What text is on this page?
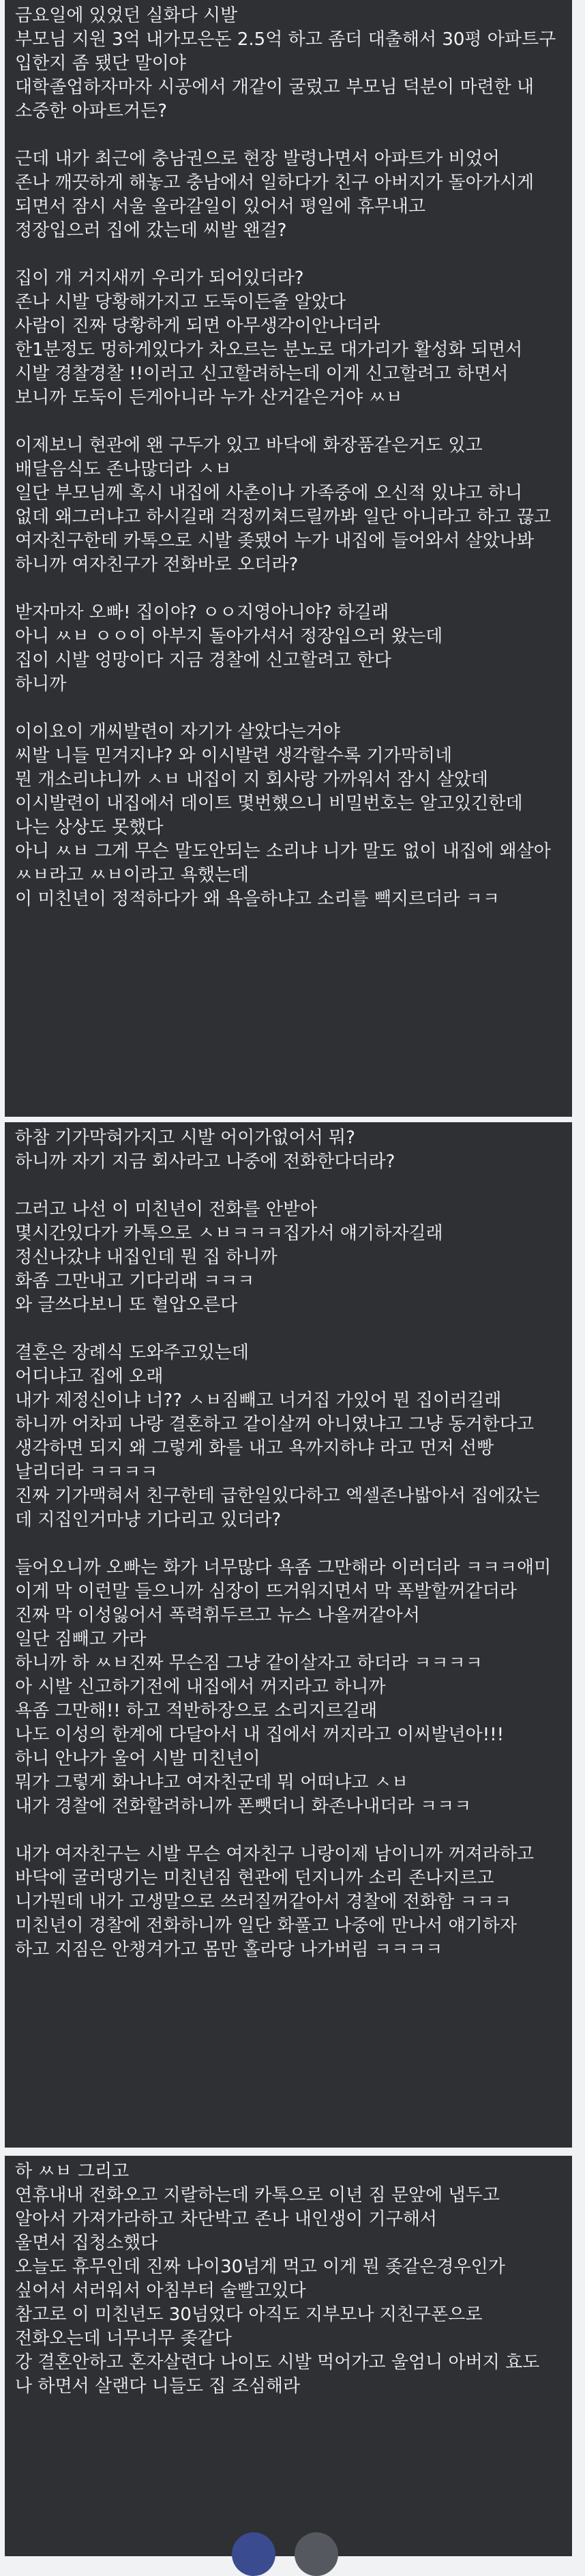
금요일에 있었던 실화다 시발
부모님 지원 3억 내가모은돈 2.5억 하고 좀더 대출해서 30평 아파트구
입한지 좀 됐단 말이야
대학졸업하자마자 시공에서 개같이 굴렀고 부모님 덕분이 마련한 내
소중한 아파트거든?
근데 내가 최근에 충남권으로 현장 발령나면서 아파트가 비었어
존나 깨끗하게 해놓고 충남에서 일하다가 친구 아버지가 돌아가시게
되면서 잠시 서울 올라갈일이 있어서 평일에 휴무내고
정장입으러 집에 갔는데 씨발 왠걸?
집이 개 거지새끼 우리가 되어있더라?
존나 시발 당황해가지고 도둑이든줄 알았다
사람이 진짜 당황하게 되면 아무생각이안나더라
한1분정도 멍하게있다가 차오르는 분노로 대가리가 활성화 되면서
시발 경찰경찰 !!이러고 신고할려하는데 이게 신고할려고 하면서
보니까 도둑이 든게아니라 누가 산거같은거야 ㅆㅂ
이제보니 현관에 왠 구두가 있고 바닥에 화장품같은거도 있고
배달음식도 존나많더라 ㅅㅂ
일단 부모님께 혹시 내집에 사촌이나 가족중에 오신적 있냐고 하니
없데 왜그러냐고 하시길래 걱정끼쳐드릴까봐 일단 아니라고 하고 끊고
여자친구한테 카톡으로 시발 좆됐어 누가 내집에 들어와서 살았나봐
하니까 여자친구가 전화바로 오더라?
받자마자 오빠! 집이야? ㅇㅇ지영아니야? 하길래
아니 ㅆㅂ ㅇㅇ이 아부지 돌아가셔서 정장입으러 왔는데
집이 시발 엉망이다 지금 경찰에 신고할려고 한다
하니까
이이요이 개씨발련이 자기가 살았다는거야
씨발 니들 믿겨지냐? 와 이시발련 생각할수록 기가막히네
뭔 개소리냐니까 ㅅㅂ 내집이 지 회사랑 가까워서 잠시 살았데
이시발련이 내집에서 데이트 몇번했으니 비밀번호는 알고있긴한데
나는 상상도 못했다
아니 ㅆㅂ 그게 무슨 말도안되는 소리냐 니가 말도 없이 내집에 왜살아
ㅆㅂ라고 ㅆㅂ이라고 욕했는데
이 미친년이 정적하다가 왜 욕을하냐고 소리를 빽지르더라 ㅋㅋ
하참 기가막혀가지고 시발 어이가없어서 뭐?
하니까 자기 지금 회사라고 나중에 전화한다더라?
그러고 나선 이 미친년이 전화를 안받아
몇시간있다가 카톡으로 ㅅㅂㅋㅋㅋ집가서 얘기하자길래
정신나갔냐 내집인데 뭔 집 하니까
화좀 그만내고 기다리래 ㅋㅋㅋ
와 글쓰다보니 또 혈압오른다
결혼은 장례식 도와주고있는데
어디냐고 집에 오래
내가 제정신이냐 너?? ㅅㅂ짐빼고 너거집 가있어 뭔 집이러길래
하니까 어차피 나랑 결혼하고 같이살꺼 아니였냐고 그냥 동거한다고
생각하면 되지 왜 그렇게 화를 내고 욕까지하냐 라고 먼저 선빵
날리더라 ㅋㅋㅋㅋ
진짜 기가맥혀서 친구한테 급한일있다하고 엑셀존나밟아서 집에갔는
데 지집인거마냥 기다리고 있더라?
들어오니까 오빠는 화가 너무많다 욕좀 그만해라 이러더라 ㅋㅋㅋ애미
이게 막 이런말 들으니까 심장이 뜨거워지면서 막 폭발할꺼같더라
진짜 막 이성잃어서 폭력휘두르고 뉴스 나올꺼같아서
일단 짐빼고 가라
하니까 하 ㅆㅂ진짜 무슨짐 그냥 같이살자고 하더라 ㅋㅋㅋㅋ
아 시발 신고하기전에 내집에서 꺼지라고 하니까
욕좀 그만해!! 하고 적반하장으로 소리지르길래
나도 이성의 한계에 다달아서 내 집에서 꺼지라고 이씨발년아!!!
하니 안나가 울어 시발 미친년이
뭐가 그렇게 화나냐고 여자친군데 뭐 어떠냐고 ㅅㅂ
내가 경찰에 전화할려하니까 폰뺏더니 화존나내더라 ㅋㅋㅋ
내가 여자친구는 시발 무슨 여자친구 니랑이제 남이니까 꺼져라하고
바닥에 굴러댕기는 미친년짐 현관에 던지니까 소리 존나지르고
니가뭔데 내가 고생말으로 쓰러질꺼같아서 경찰에 전화함 ㅋㅋㅋ
미친년이 경찰에 전화하니까 일단 화풀고 나중에 만나서 얘기하자
하고 지짐은 안챙겨가고 몸만 홀라당 나가버림 ㅋㅋㅋㅋ
하 ㅆㅂ 그리고
연휴내내 전화오고 지랄하는데 카톡으로 이년 짐 문앞에 냅두고
알아서 가져가라하고 차단박고 존나 내인생이 기구해서
울면서 집청소했다
오늘도 휴무인데 진짜 나이30넘게 먹고 이게 뭔 좆같은경우인가
싶어서 서러워서 아침부터 술빨고있다
참고로 이 미친년도 30넘었다 아직도 지부모나 지친구폰으로
전화오는데 너무너무 좆같다
강 결혼안하고 혼자살련다 나이도 시발 먹어가고 울엄니 아버지 효도
나 하면서 살랜다 니들도 집 조심해라
